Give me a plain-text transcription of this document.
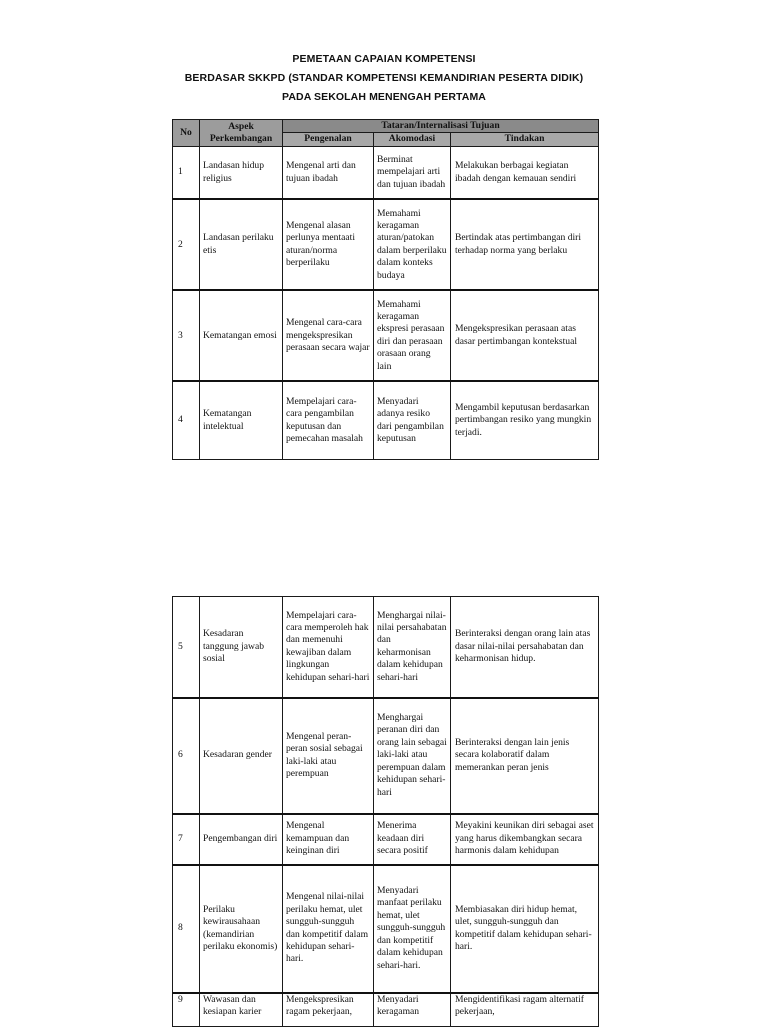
PEMETAAN CAPAIAN KOMPETENSI
BERDASAR SKKPD (STANDAR KOMPETENSI KEMANDIRIAN PESERTA DIDIK)
PADA SEKOLAH MENENGAH PERTAMA
No	Aspek Perkembangan	Tataran/Internalisasi Tujuan		
		Pengenalan	Akomodasi	Tindakan
1	Landasan hidup religius	Mengenal arti dan tujuan ibadah	Berminat mempelajari arti dan tujuan ibadah	Melakukan berbagai kegiatan ibadah dengan kemauan sendiri
2	Landasan perilaku etis	Mengenal alasan perlunya mentaati aturan/norma berperilaku	Memahami keragaman aturan/patokan dalam berperilaku dalam konteks budaya	Bertindak atas pertimbangan diri terhadap norma yang berlaku
3	Kematangan emosi	Mengenal cara-cara mengekspresikan perasaan secara wajar	Memahami keragaman ekspresi perasaan diri dan perasaan orasaan orang lain	Mengekspresikan perasaan atas dasar pertimbangan kontekstual
4	Kematangan intelektual	Mempelajari cara-cara pengambilan keputusan dan pemecahan masalah	Menyadari adanya resiko dari pengambilan keputusan	Mengambil keputusan berdasarkan pertimbangan resiko yang mungkin terjadi.
5	Kesadaran tanggung jawab sosial	Mempelajari cara-cara memperoleh hak dan memenuhi kewajiban dalam lingkungan kehidupan sehari-hari	Menghargai nilai-nilai persahabatan dan keharmonisan dalam kehidupan sehari-hari	Berinteraksi dengan orang lain atas dasar nilai-nilai persahabatan dan keharmonisan hidup.
6	Kesadaran gender	Mengenal peran-peran sosial sebagai laki-laki atau perempuan	Menghargai peranan diri dan orang lain sebagai laki-laki atau perempuan dalam kehidupan sehari-hari	Berinteraksi dengan lain jenis secara kolaboratif dalam memerankan peran jenis
7	Pengembangan diri	Mengenal kemampuan dan keinginan diri	Menerima keadaan diri secara positif	Meyakini keunikan diri sebagai aset yang harus dikembangkan secara harmonis dalam kehidupan
8	Perilaku kewirausahaan (kemandirian perilaku ekonomis)	Mengenal nilai-nilai perilaku hemat, ulet sungguh-sungguh dan kompetitif dalam kehidupan sehari-hari.	Menyadari manfaat perilaku hemat, ulet sungguh-sungguh dan kompetitif dalam kehidupan sehari-hari.	Membiasakan diri hidup hemat, ulet, sungguh-sungguh dan kompetitif dalam kehidupan sehari-hari.
9	Wawasan dan kesiapan karier	Mengekspresikan ragam pekerjaan,	Menyadari keragaman	Mengidentifikasi ragam alternatif pekerjaan,
